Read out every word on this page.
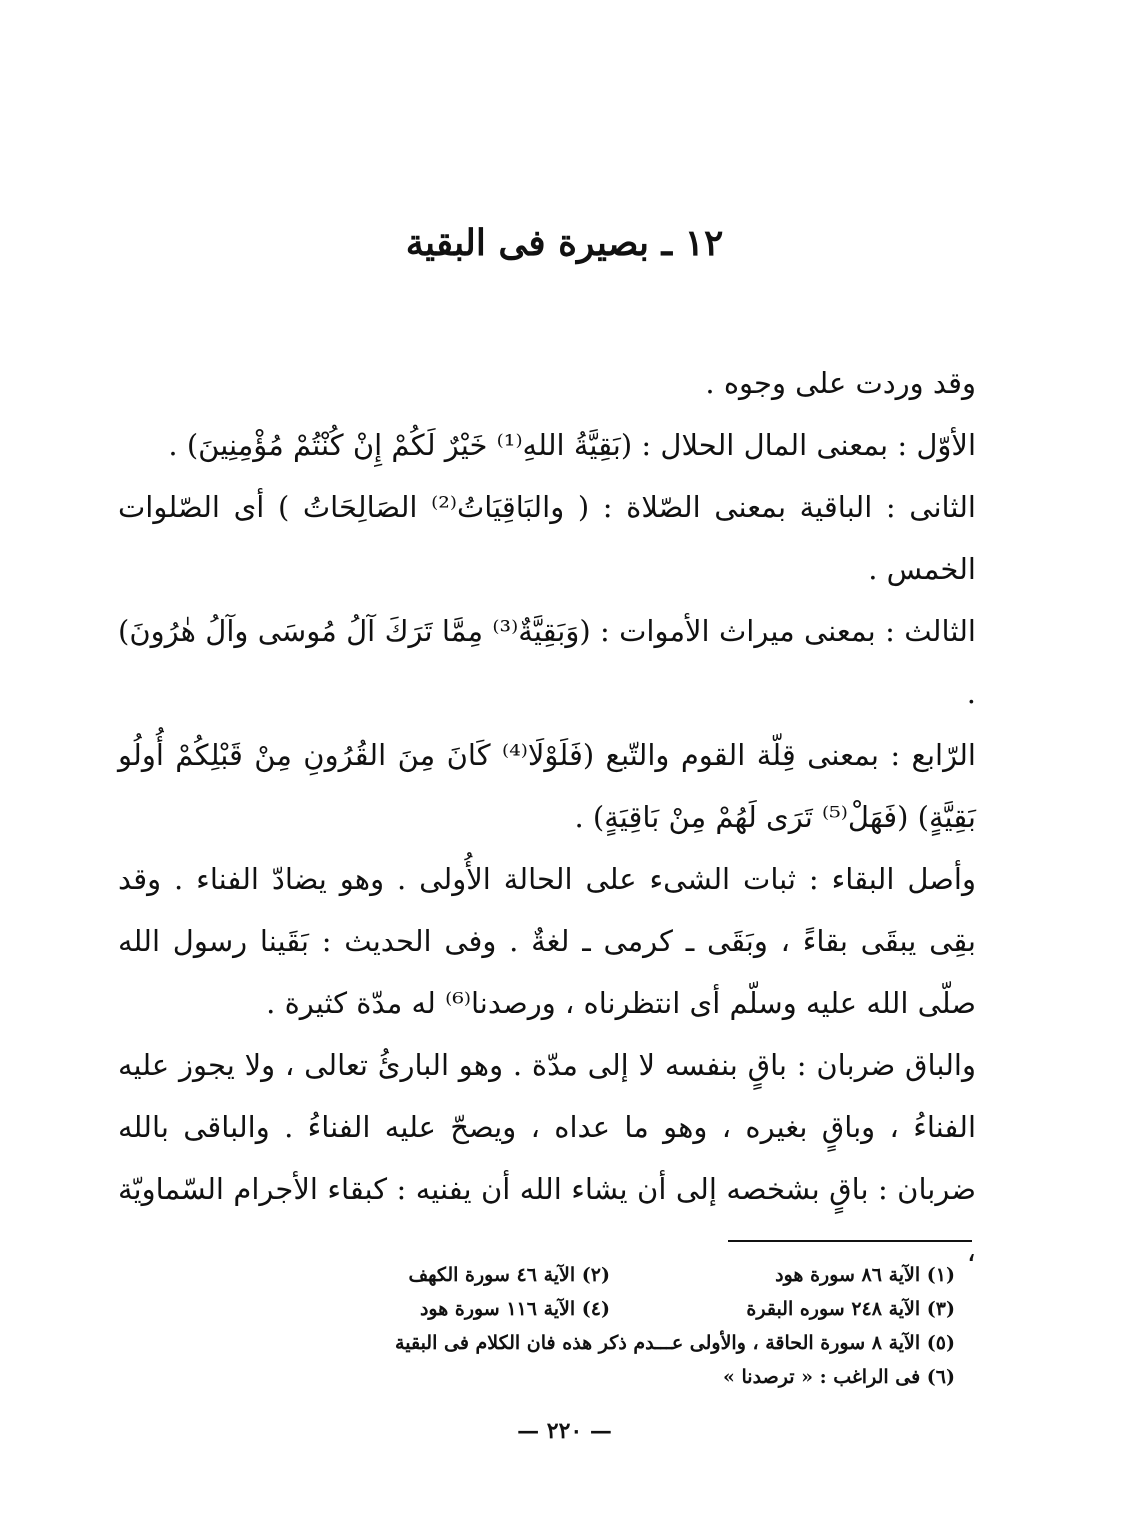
١٢ ـ بصيرة فى البقية

وقد وردت على وجوه .

الأوّل : بمعنى المال الحلال : (بَقِيَّةُ اللهِ⁽¹⁾ خَيْرٌ لَكُمْ إِنْ كُنْتُمْ مُؤْمِنِينَ) .

الثانى : الباقية بمعنى الصّلاة : ( والبَاقِيَاتُ⁽²⁾ الصَالِحَاتُ ) أى الصّلوات الخمس .

الثالث : بمعنى ميراث الأموات : (وَبَقِيَّةٌ⁽³⁾ مِمَّا تَرَكَ آلُ مُوسَى وآلُ هٰرُونَ) .

الرّابع : بمعنى قِلّة القوم والتّبع (فَلَوْلَا⁽⁴⁾ كَانَ مِنَ القُرُونِ مِنْ قَبْلِكُمْ أُولُو بَقِيَّةٍ) (فَهَلْ⁽⁵⁾ تَرَى لَهُمْ مِنْ بَاقِيَةٍ) .

وأصل البقاء : ثبات الشىء على الحالة الأُولى . وهو يضادّ الفناء . وقد بقِى يبقَى بقاءً ، وبَقَى ـ كرمى ـ لغةٌ . وفى الحديث : بَقَينا رسول الله صلّى الله عليه وسلّم أى انتظرناه ، ورصدنا⁽⁶⁾ له مدّة كثيرة .

والباق ضربان : باقٍ بنفسه لا إلى مدّة . وهو البارئُ تعالى ، ولا يجوز عليه الفناءُ ، وباقٍ بغيره ، وهو ما عداه ، ويصحّ عليه الفناءُ . والباقى بالله ضربان : باقٍ بشخصه إلى أن يشاء الله أن يفنيه : كبقاء الأجرام السّماويّة ،

(١) الآية ٨٦ سورة هود
(٢) الآية ٤٦ سورة الكهف
(٣) الآية ٢٤٨ سوره البقرة
(٤) الآية ١١٦ سورة هود
(٥) الآية ٨ سورة الحاقة ، والأولى عـــدم ذكر هذه فان الكلام فى البقية
(٦) فى الراغب : « ترصدنا »
— ٢٢٠ —
